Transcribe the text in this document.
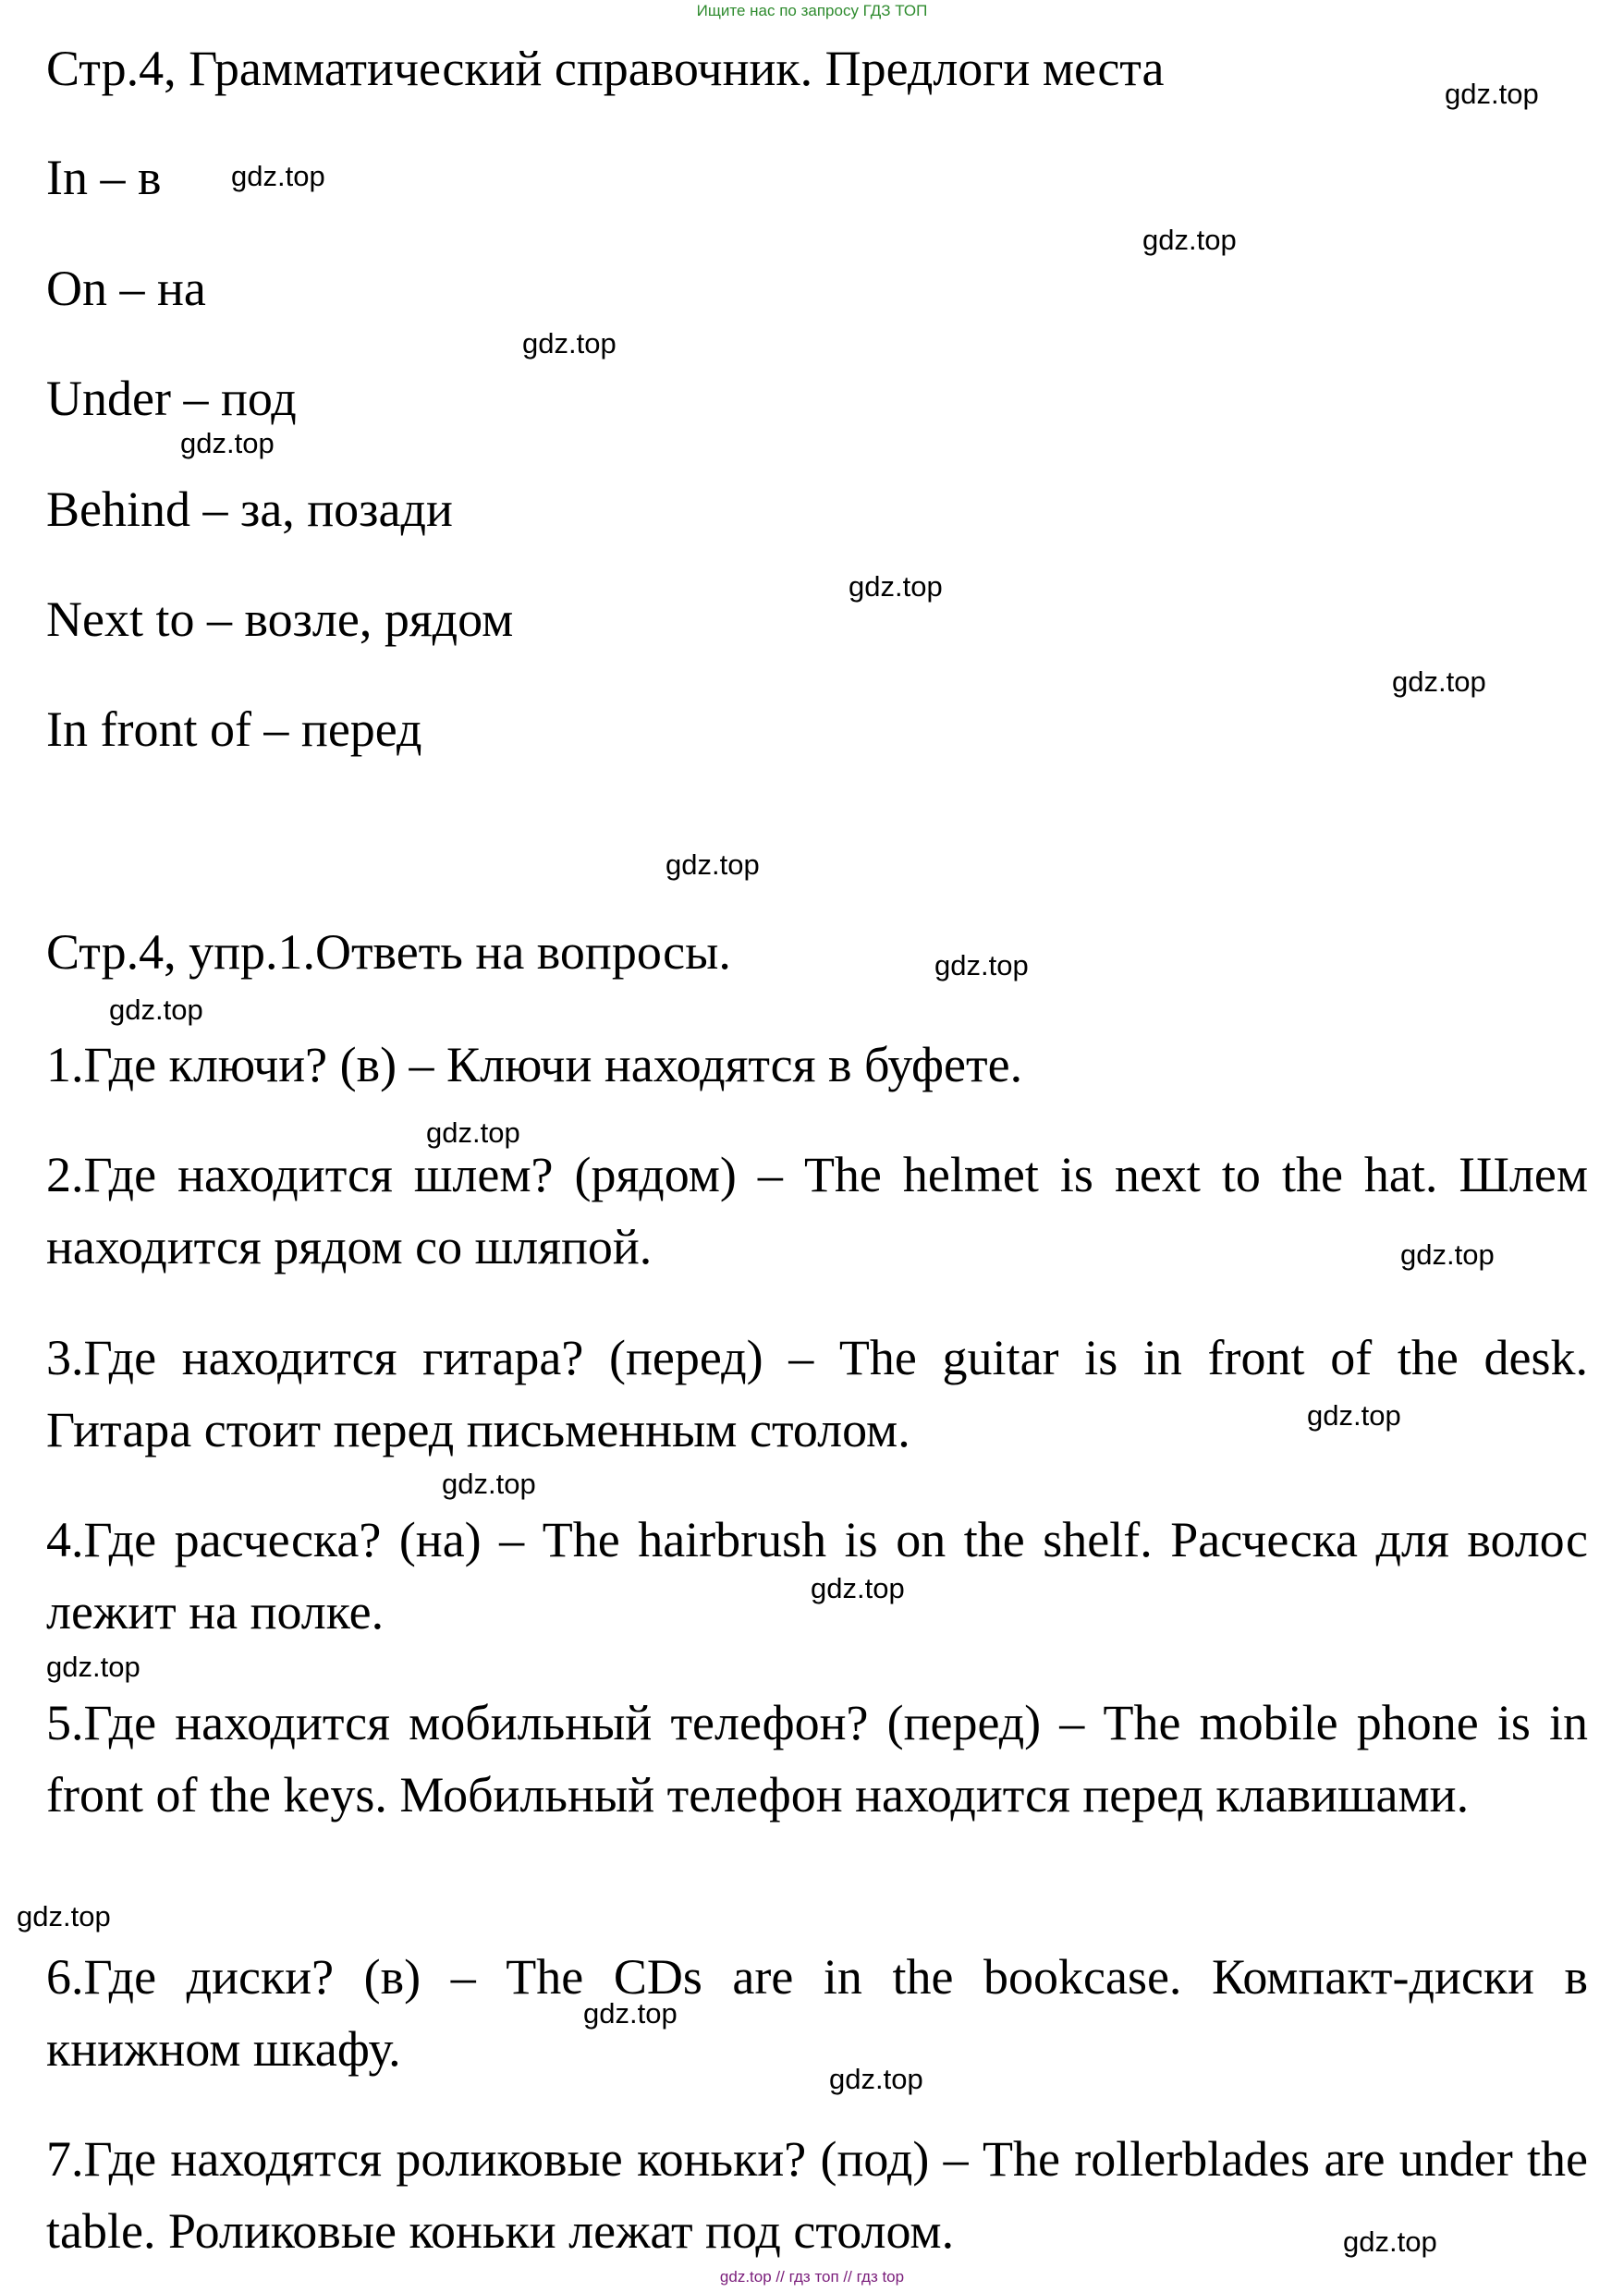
Ищите нас по запросу ГДЗ ТОП
Стр.4, Грамматический справочник. Предлоги места
In – в
On – на
Under – под
Behind – за, позади
Next to – возле, рядом
In front of – перед
Стр.4, упр.1.Ответь на вопросы.
1.Где ключи? (в) – Ключи находятся в буфете.
2.Где находится шлем? (рядом) – The helmet is next to the hat. Шлем находится рядом со шляпой.
3.Где находится гитара? (перед) – The guitar is in front of the desk. Гитара стоит перед письменным столом.
4.Где расческа? (на) – The hairbrush is on the shelf. Расческа для волос лежит на полке.
5.Где находится мобильный телефон? (перед) – The mobile phone is in front of the keys. Мобильный телефон находится перед клавишами.
6.Где диски? (в) – The CDs are in the bookcase. Компакт-диски в книжном шкафу.
7.Где находятся роликовые коньки? (под) – The rollerblades are under the table. Роликовые коньки лежат под столом.
gdz.top
gdz.top
gdz.top
gdz.top
gdz.top
gdz.top
gdz.top
gdz.top
gdz.top
gdz.top
gdz.top
gdz.top
gdz.top
gdz.top
gdz.top
gdz.top
gdz.top
gdz.top
gdz.top
gdz.top
gdz.top // гдз топ // гдз top
